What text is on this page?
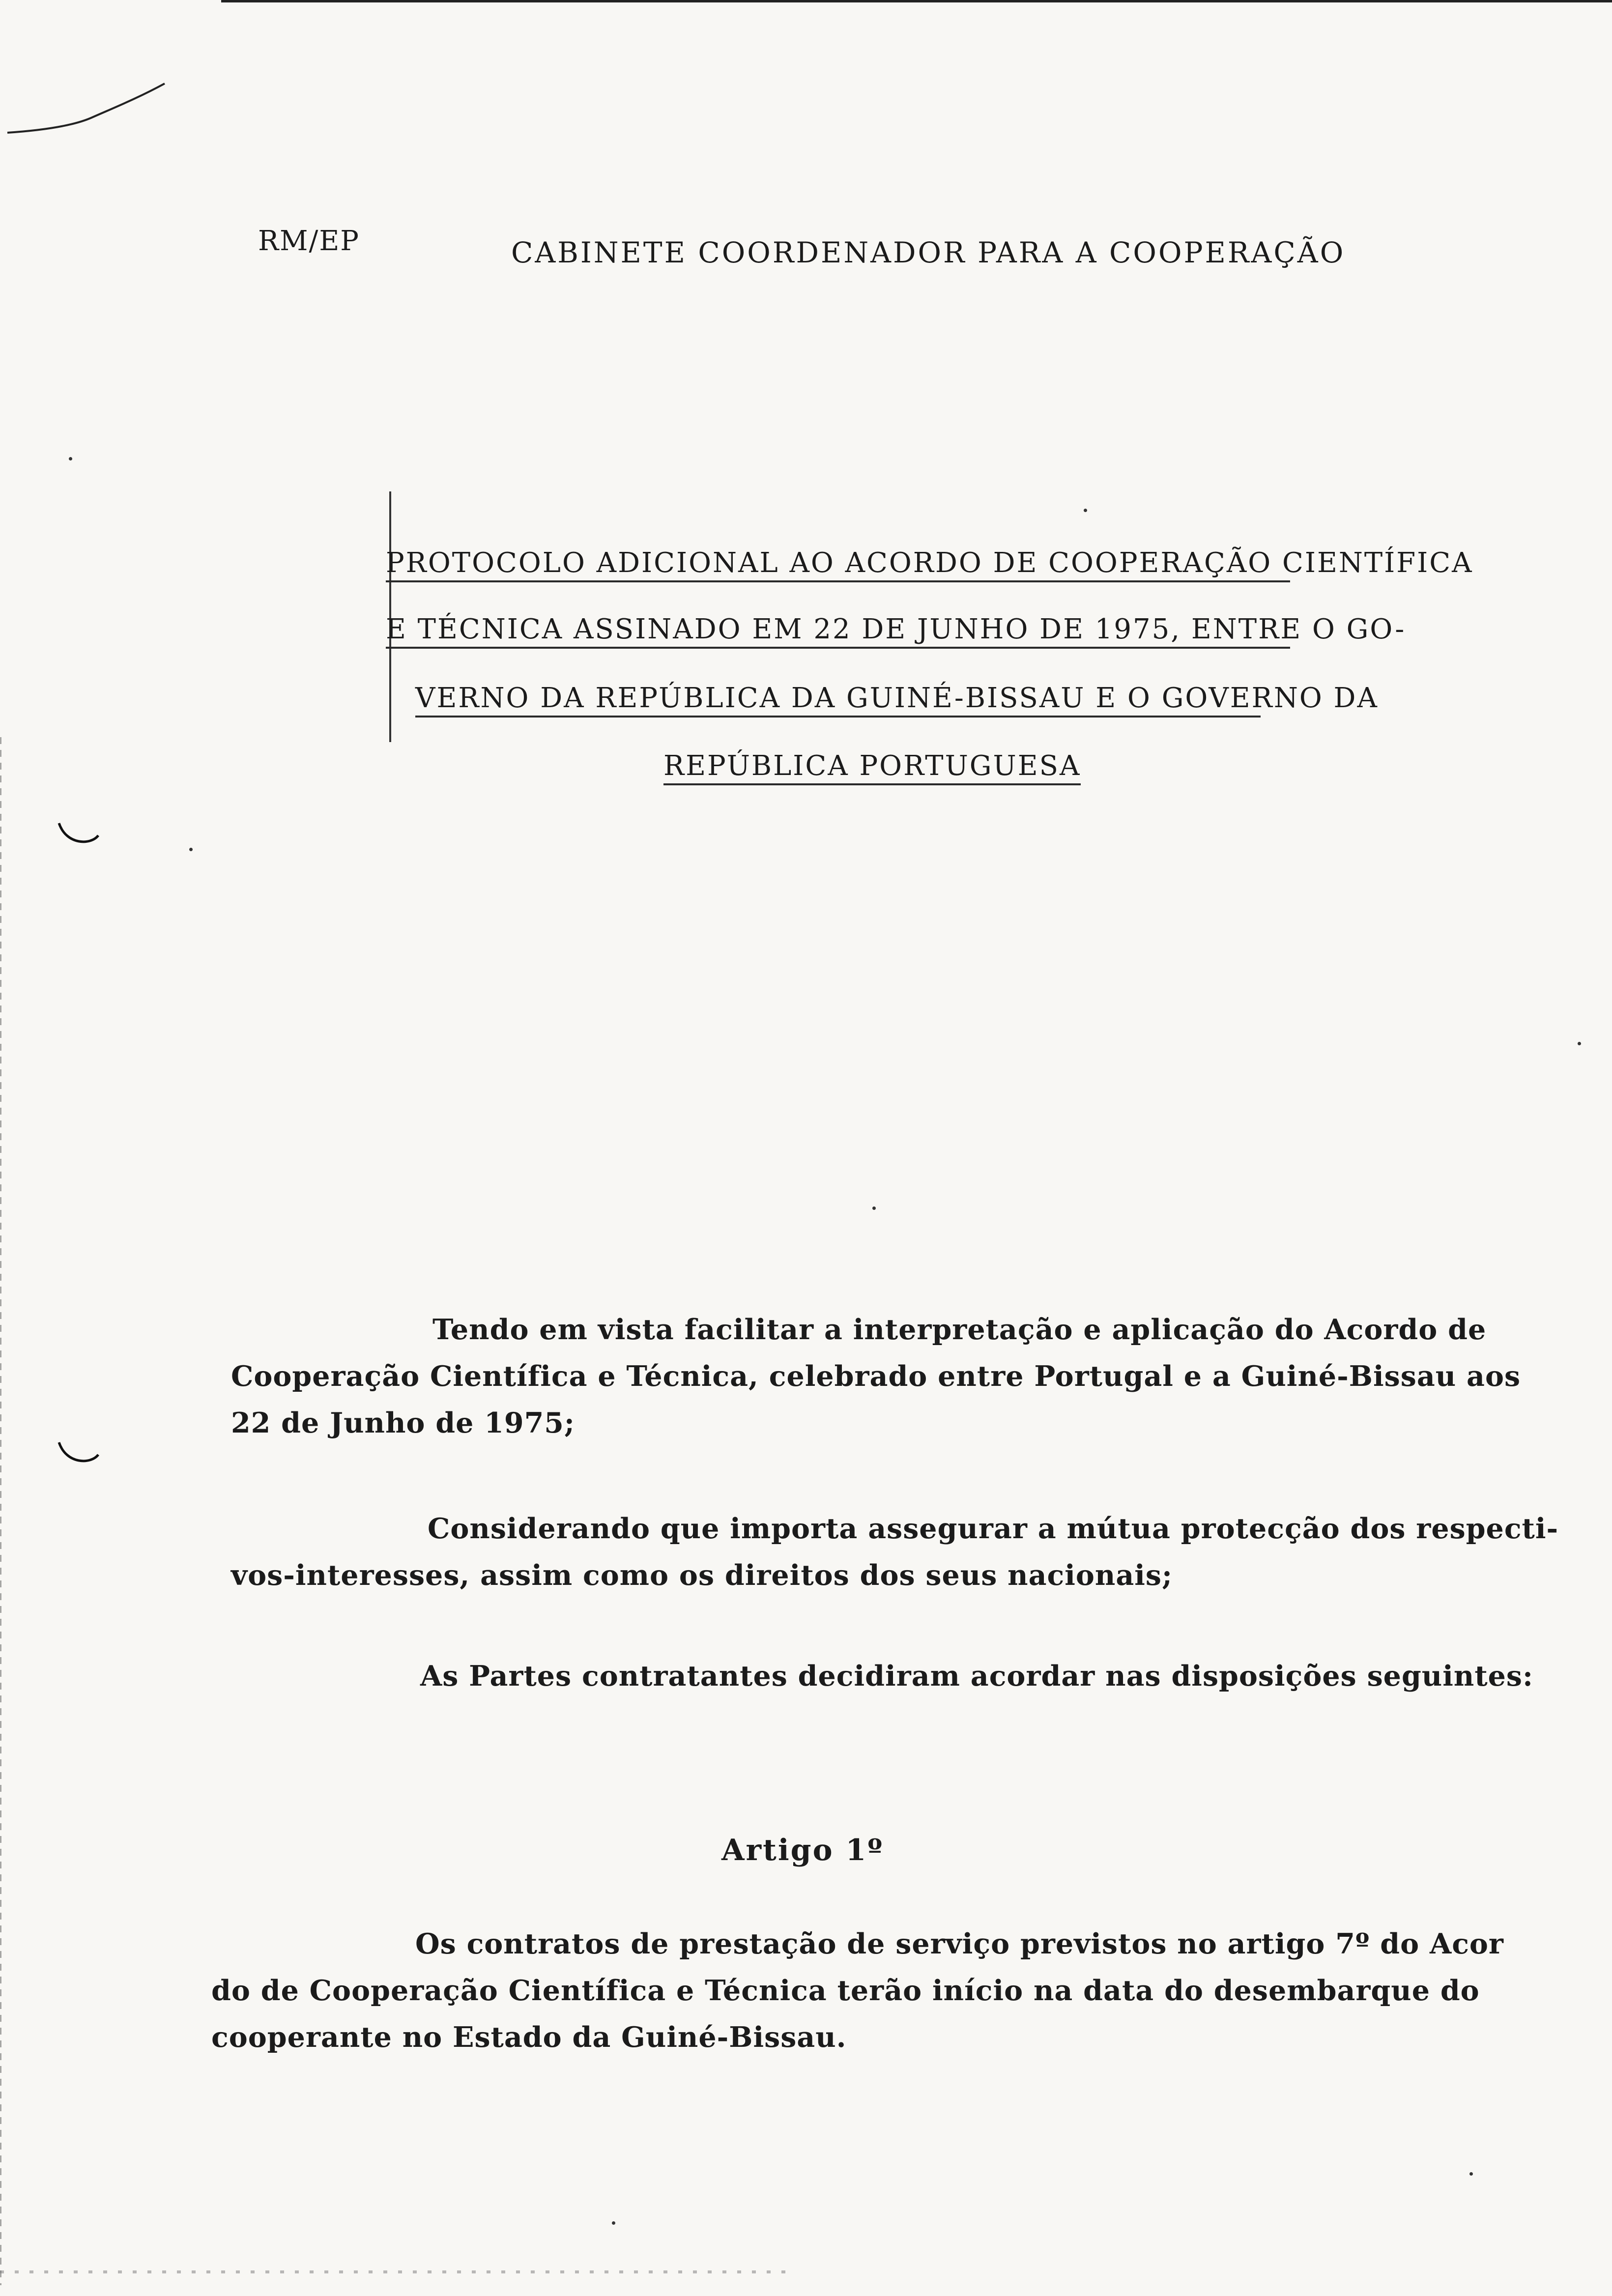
RM/EP	CABINETE COORDENADOR PARA A COOPERAÇÃO
PROTOCOLO ADICIONAL AO ACORDO DE COOPERAÇÃO CIENTÍFICA
E TÉCNICA ASSINADO EM 22 DE JUNHO DE 1975, ENTRE O GO-
VERNO DA REPÚBLICA DA GUINÉ-BISSAU E O GOVERNO DA
REPÚBLICA PORTUGUESA
Tendo em vista facilitar a interpretação e aplicação do Acordo de
Cooperação Científica e Técnica, celebrado entre Portugal e a Guiné-Bissau aos
22 de Junho de 1975;
Considerando que importa assegurar a mútua protecção dos respecti-
vos-interesses, assim como os direitos dos seus nacionais;
As Partes contratantes decidiram acordar nas disposições seguintes:
Artigo 1º
Os contratos de prestação de serviço previstos no artigo 7º do Acor
do de Cooperação Científica e Técnica terão início na data do desembarque do
cooperante no Estado da Guiné-Bissau.
